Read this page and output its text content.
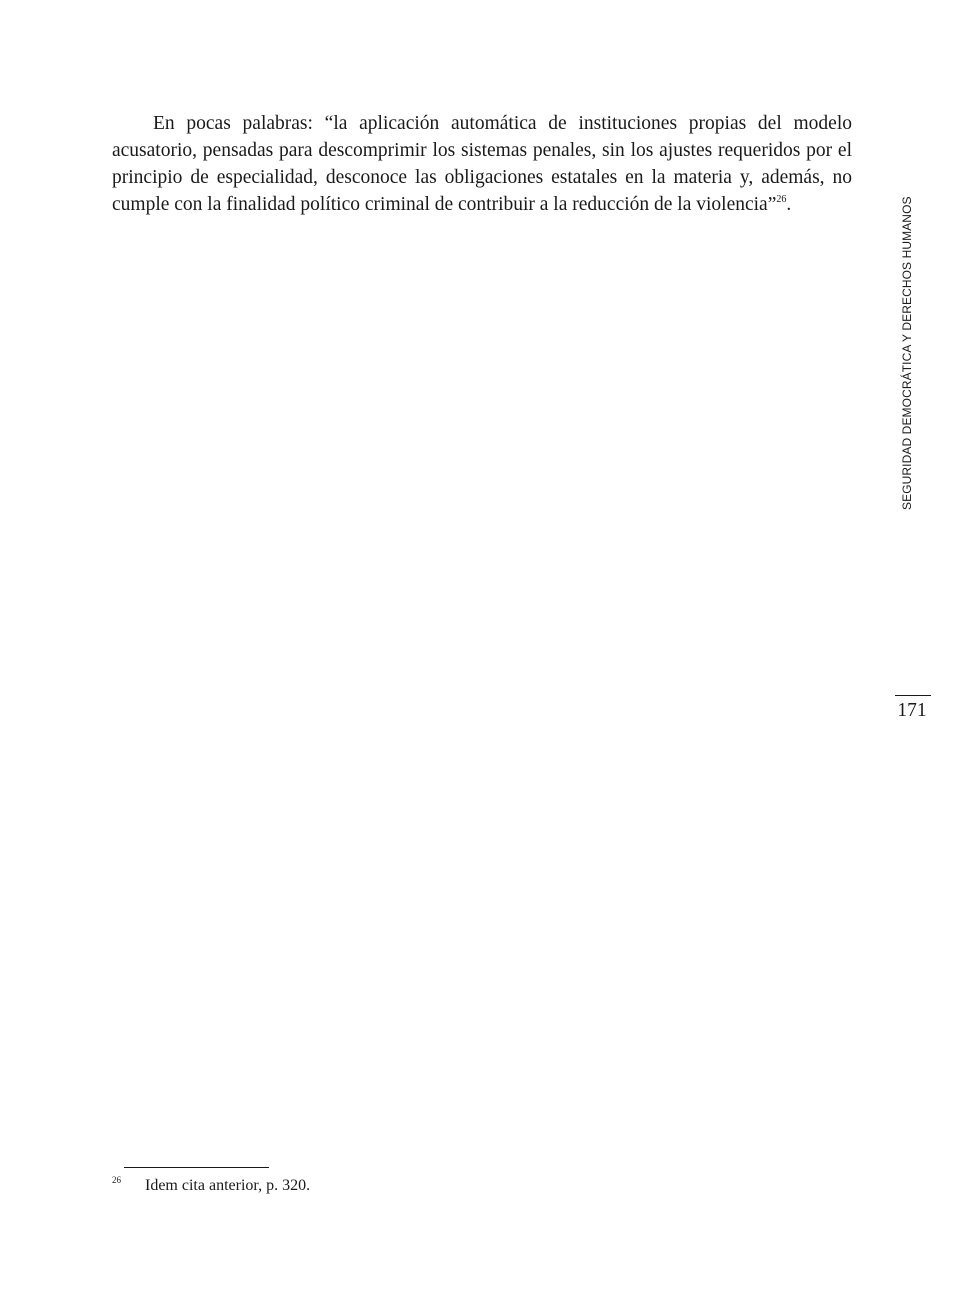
En pocas palabras: “la aplicación automática de instituciones propias del modelo acusatorio, pensadas para descomprimir los sistemas penales, sin los ajustes requeridos por el principio de especialidad, desconoce las obligaciones estatales en la materia y, además, no cumple con la finalidad político criminal de contribuir a la reducción de la violencia”$^{26}$.	SEGURIDAD DEMOCRÁTICA Y DERECHOS HUMANOS
171
26 Idem cita anterior, p. 320.
